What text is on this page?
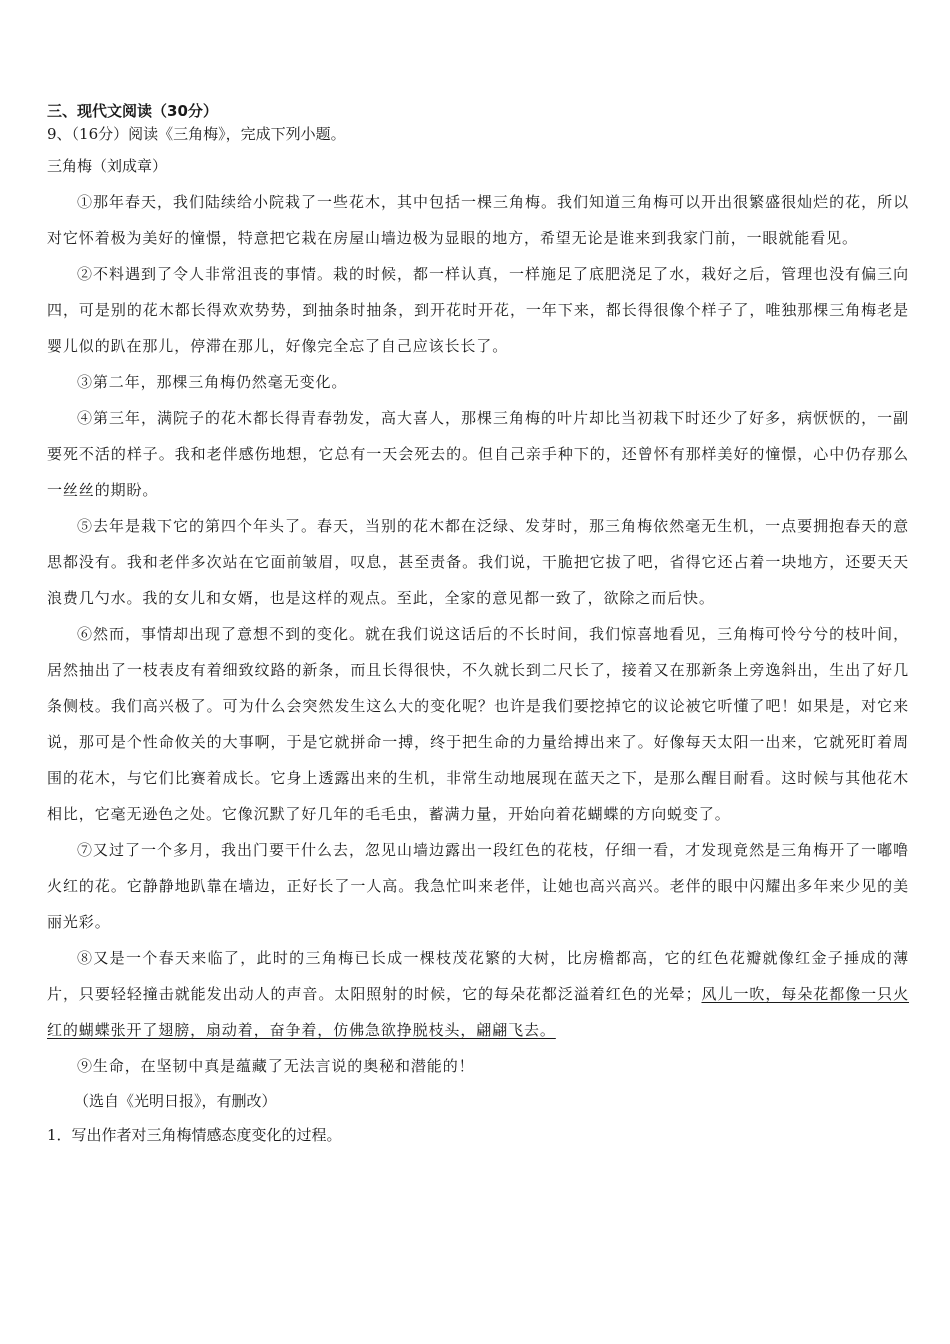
三、现代文阅读（30分）

9、（16分）阅读《三角梅》，完成下列小题。

三角梅（刘成章）

①那年春天，我们陆续给小院栽了一些花木，其中包括一棵三角梅。我们知道三角梅可以开出很繁盛很灿烂的花，所以对它怀着极为美好的憧憬，特意把它栽在房屋山墙边极为显眼的地方，希望无论是谁来到我家门前，一眼就能看见。

②不料遇到了令人非常沮丧的事情。栽的时候，都一样认真，一样施足了底肥浇足了水，栽好之后，管理也没有偏三向四，可是别的花木都长得欢欢势势，到抽条时抽条，到开花时开花，一年下来，都长得很像个样子了，唯独那棵三角梅老是婴儿似的趴在那儿，停滞在那儿，好像完全忘了自己应该长长了。

③第二年，那棵三角梅仍然毫无变化。

④第三年，满院子的花木都长得青春勃发，高大喜人，那棵三角梅的叶片却比当初栽下时还少了好多，病恹恹的，一副要死不活的样子。我和老伴感伤地想，它总有一天会死去的。但自己亲手种下的，还曾怀有那样美好的憧憬，心中仍存那么一丝丝的期盼。

⑤去年是栽下它的第四个年头了。春天，当别的花木都在泛绿、发芽时，那三角梅依然毫无生机，一点要拥抱春天的意思都没有。我和老伴多次站在它面前皱眉，叹息，甚至责备。我们说，干脆把它拔了吧，省得它还占着一块地方，还要天天浪费几勺水。我的女儿和女婿，也是这样的观点。至此，全家的意见都一致了，欲除之而后快。

⑥然而，事情却出现了意想不到的变化。就在我们说这话后的不长时间，我们惊喜地看见，三角梅可怜兮兮的枝叶间，居然抽出了一枝表皮有着细致纹路的新条，而且长得很快，不久就长到二尺长了，接着又在那新条上旁逸斜出，生出了好几条侧枝。我们高兴极了。可为什么会突然发生这么大的变化呢？也许是我们要挖掉它的议论被它听懂了吧！如果是，对它来说，那可是个性命攸关的大事啊，于是它就拼命一搏，终于把生命的力量给搏出来了。好像每天太阳一出来，它就死盯着周围的花木，与它们比赛着成长。它身上透露出来的生机，非常生动地展现在蓝天之下，是那么醒目耐看。这时候与其他花木相比，它毫无逊色之处。它像沉默了好几年的毛毛虫，蓄满力量，开始向着花蝴蝶的方向蜕变了。

⑦又过了一个多月，我出门要干什么去，忽见山墙边露出一段红色的花枝，仔细一看，才发现竟然是三角梅开了一嘟噜火红的花。它静静地趴靠在墙边，正好长了一人高。我急忙叫来老伴，让她也高兴高兴。老伴的眼中闪耀出多年来少见的美丽光彩。

⑧又是一个春天来临了，此时的三角梅已长成一棵枝茂花繁的大树，比房檐都高，它的红色花瓣就像红金子捶成的薄片，只要轻轻撞击就能发出动人的声音。太阳照射的时候，它的每朵花都泛溢着红色的光晕；风儿一吹，每朵花都像一只火红的蝴蝶张开了翅膀，扇动着，奋争着，仿佛急欲挣脱枝头，翩翩飞去。

⑨生命，在坚韧中真是蕴藏了无法言说的奥秘和潜能的！

（选自《光明日报》，有删改）

1．写出作者对三角梅情感态度变化的过程。
